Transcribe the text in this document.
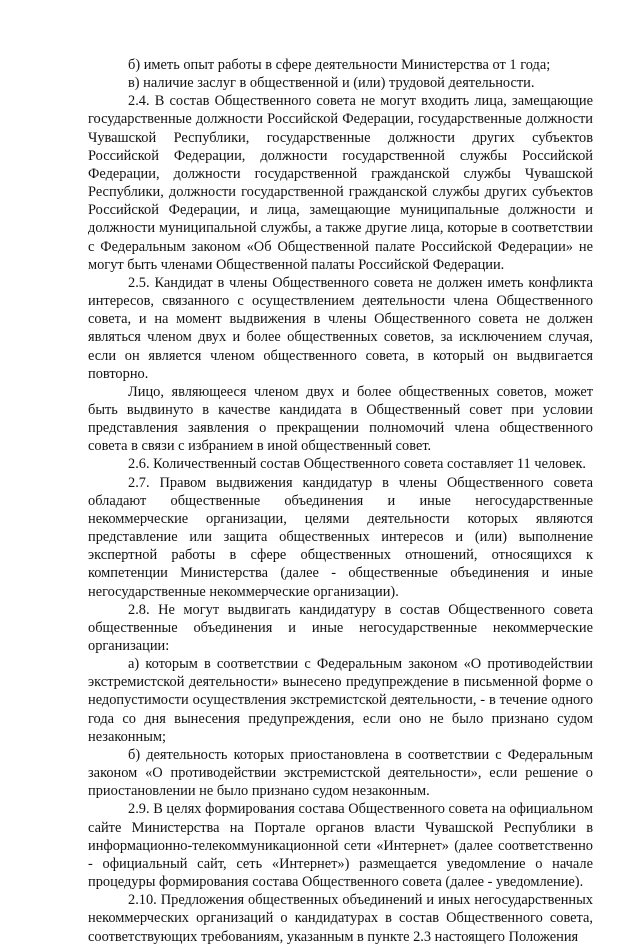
б) иметь опыт работы в сфере деятельности Министерства от 1 года;

в) наличие заслуг в общественной и (или) трудовой деятельности.

2.4. В состав Общественного совета не могут входить лица, замещающие государственные должности Российской Федерации, государственные должности Чувашской Республики, государственные должности других субъектов Российской Федерации, должности государственной службы Российской Федерации, должности государственной гражданской службы Чувашской Республики, должности государственной гражданской службы других субъектов Российской Федерации, и лица, замещающие муниципальные должности и должности муниципальной службы, а также другие лица, которые в соответствии с Федеральным законом «Об Общественной палате Российской Федерации» не могут быть членами Общественной палаты Российской Федерации.

2.5. Кандидат в члены Общественного совета не должен иметь конфликта интересов, связанного с осуществлением деятельности члена Общественного совета, и на момент выдвижения в члены Общественного совета не должен являться членом двух и более общественных советов, за исключением случая, если он является членом общественного совета, в который он выдвигается повторно.

Лицо, являющееся членом двух и более общественных советов, может быть выдвинуто в качестве кандидата в Общественный совет при условии представления заявления о прекращении полномочий члена общественного совета в связи с избранием в иной общественный совет.

2.6. Количественный состав Общественного совета составляет 11 человек.

2.7. Правом выдвижения кандидатур в члены Общественного совета обладают общественные объединения и иные негосударственные некоммерческие организации, целями деятельности которых являются представление или защита общественных интересов и (или) выполнение экспертной работы в сфере общественных отношений, относящихся к компетенции Министерства (далее - общественные объединения и иные негосударственные некоммерческие организации).

2.8. Не могут выдвигать кандидатуру в состав Общественного совета общественные объединения и иные негосударственные некоммерческие организации:

а) которым в соответствии с Федеральным законом «О противодействии экстремистской деятельности» вынесено предупреждение в письменной форме о недопустимости осуществления экстремистской деятельности, - в течение одного года со дня вынесения предупреждения, если оно не было признано судом незаконным;

б) деятельность которых приостановлена в соответствии с Федеральным законом «О противодействии экстремистской деятельности», если решение о приостановлении не было признано судом незаконным.

2.9. В целях формирования состава Общественного совета на официальном сайте Министерства на Портале органов власти Чувашской Республики в информационно-телекоммуникационной сети «Интернет» (далее соответственно - официальный сайт, сеть «Интернет») размещается уведомление о начале процедуры формирования состава Общественного совета (далее - уведомление).

2.10. Предложения общественных объединений и иных негосударственных некоммерческих организаций о кандидатурах в состав Общественного совета, соответствующих требованиям, указанным в пункте 2.3 настоящего Положения
